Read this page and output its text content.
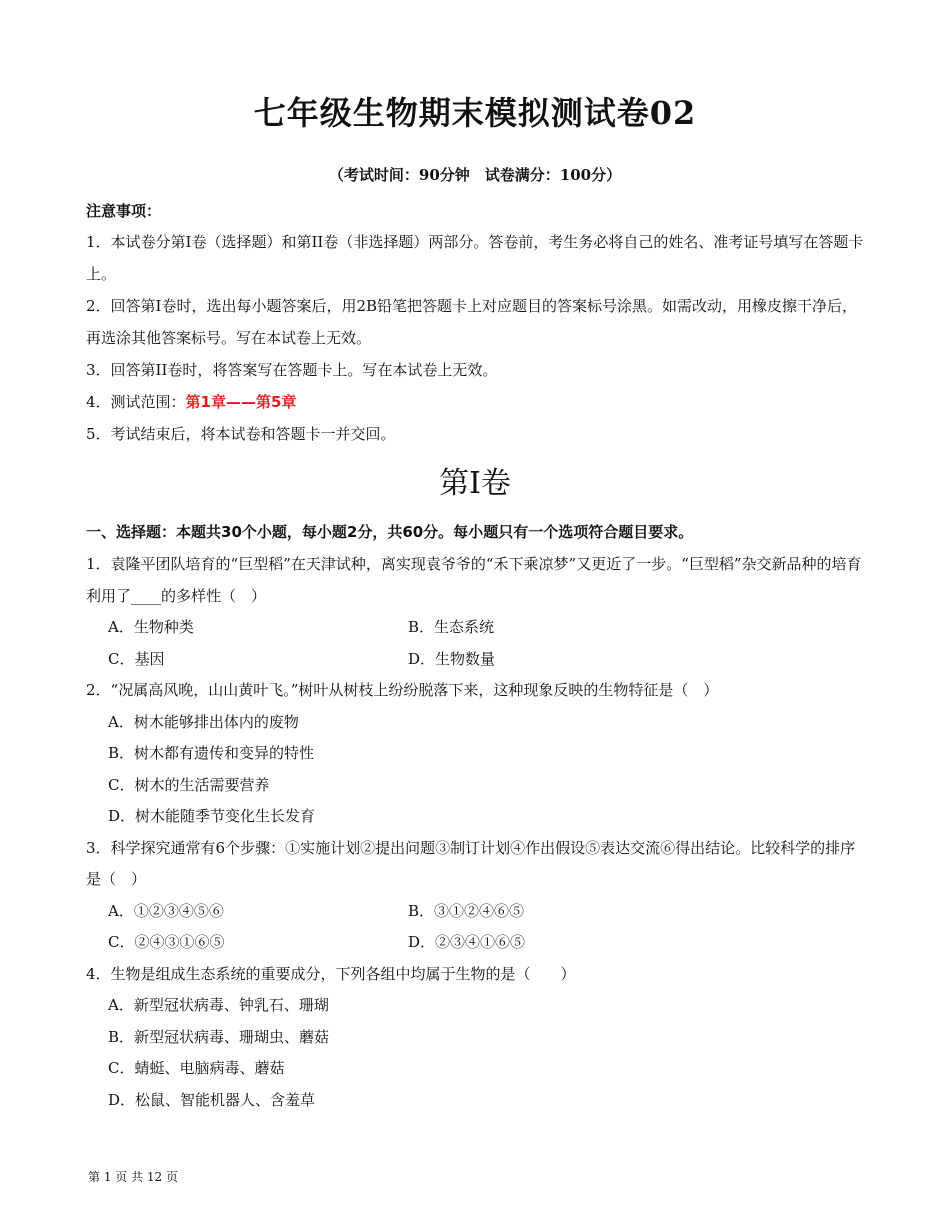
七年级生物期末模拟测试卷02
（考试时间：90分钟　试卷满分：100分）
注意事项：

1．本试卷分第I卷（选择题）和第II卷（非选择题）两部分。答卷前，考生务必将自己的姓名、准考证号填写在答题卡上。

2．回答第I卷时，选出每小题答案后，用2B铅笔把答题卡上对应题目的答案标号涂黑。如需改动，用橡皮擦干净后，再选涂其他答案标号。写在本试卷上无效。

3．回答第II卷时，将答案写在答题卡上。写在本试卷上无效。

4．测试范围：第1章——第5章

5．考试结束后，将本试卷和答题卡一并交回。

第I卷
一、选择题：本题共30个小题，每小题2分，共60分。每小题只有一个选项符合题目要求。

1．袁隆平团队培育的“巨型稻”在天津试种，离实现袁爷爷的“禾下乘凉梦”又更近了一步。“巨型稻”杂交新品种的培育利用了____的多样性（　）

A．生物种类	B．生态系统
C．基因	D．生物数量

2．“况属高风晚，山山黄叶飞。”树叶从树枝上纷纷脱落下来，这种现象反映的生物特征是（　）

A．树木能够排出体内的废物
B．树木都有遗传和变异的特性
C．树木的生活需要营养
D．树木能随季节变化生长发育

3．科学探究通常有6个步骤：①实施计划②提出问题③制订计划④作出假设⑤表达交流⑥得出结论。比较科学的排序是（　）

A．①②③④⑤⑥	B．③①②④⑥⑤
C．②④③①⑥⑤	D．②③④①⑥⑤

4．生物是组成生态系统的重要成分，下列各组中均属于生物的是（　　）

A．新型冠状病毒、钟乳石、珊瑚
B．新型冠状病毒、珊瑚虫、蘑菇
C．蜻蜓、电脑病毒、蘑菇
D．松鼠、智能机器人、含羞草
第 1 页 共 12 页
